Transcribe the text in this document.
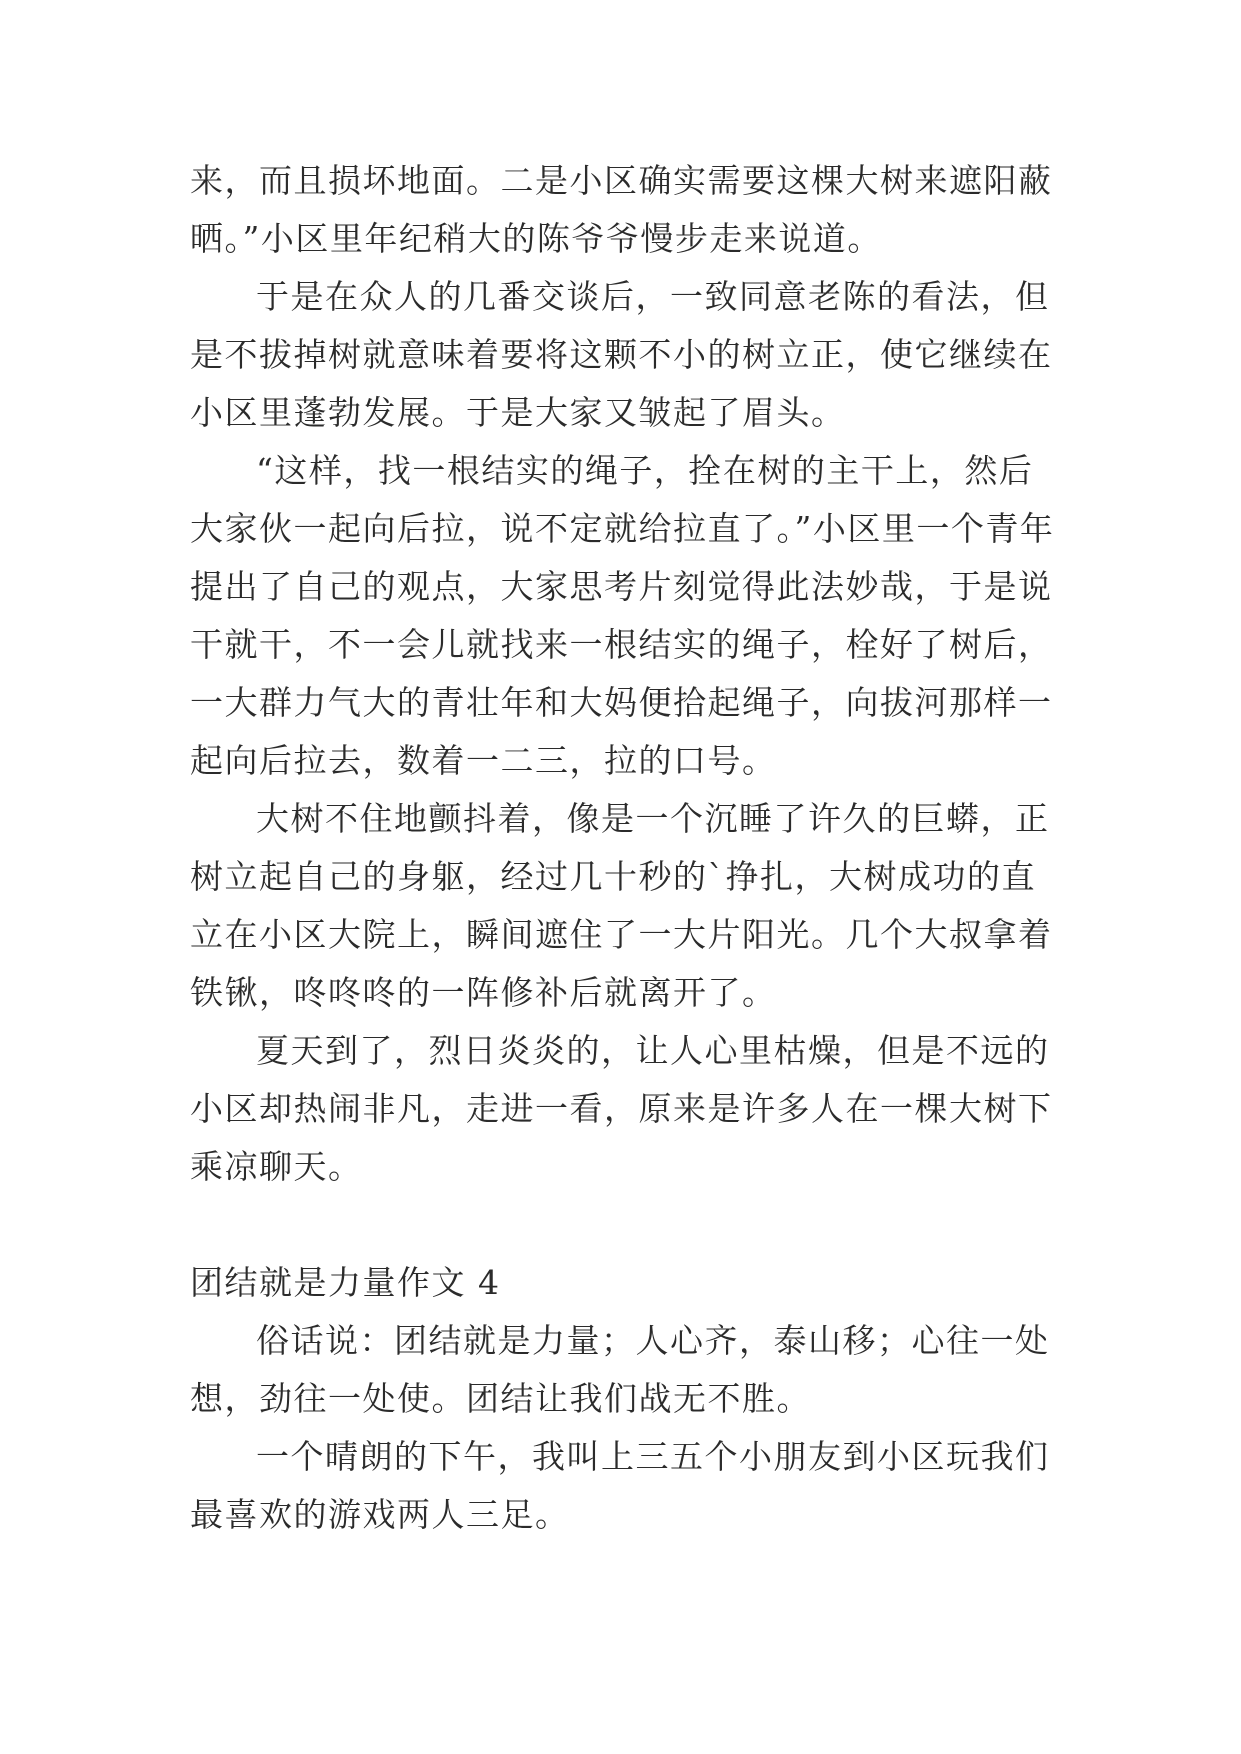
来，而且损坏地面。二是小区确实需要这棵大树来遮阳蔽晒。”小区里年纪稍大的陈爷爷慢步走来说道。

于是在众人的几番交谈后，一致同意老陈的看法，但是不拔掉树就意味着要将这颗不小的树立正，使它继续在小区里蓬勃发展。于是大家又皱起了眉头。

“这样，找一根结实的绳子，拴在树的主干上，然后大家伙一起向后拉，说不定就给拉直了。”小区里一个青年提出了自己的观点，大家思考片刻觉得此法妙哉，于是说干就干，不一会儿就找来一根结实的绳子，栓好了树后，一大群力气大的青壮年和大妈便拾起绳子，向拔河那样一起向后拉去，数着一二三，拉的口号。

大树不住地颤抖着，像是一个沉睡了许久的巨蟒，正树立起自己的身躯，经过几十秒的`挣扎，大树成功的直立在小区大院上，瞬间遮住了一大片阳光。几个大叔拿着铁锹，咚咚咚的一阵修补后就离开了。

夏天到了，烈日炎炎的，让人心里枯燥，但是不远的小区却热闹非凡，走进一看，原来是许多人在一棵大树下乘凉聊天。

团结就是力量作文 4

俗话说：团结就是力量；人心齐，泰山移；心往一处想，劲往一处使。团结让我们战无不胜。

一个晴朗的下午，我叫上三五个小朋友到小区玩我们最喜欢的游戏两人三足。
